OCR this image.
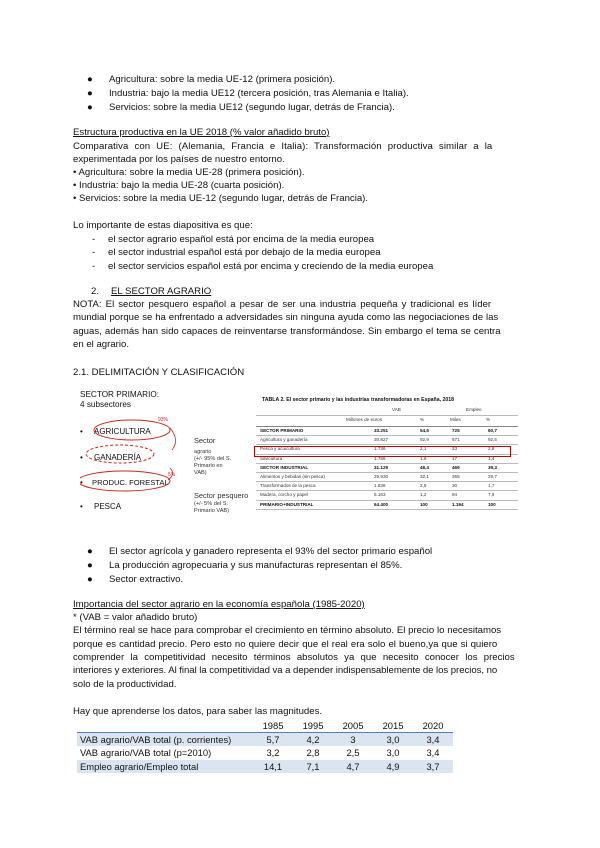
● Agricultura: sobre la media UE-12 (primera posición).
● Industria: bajo la media UE12 (tercera posición, tras Alemania e Italia).
● Servicios: sobre la media UE12 (segundo lugar, detrás de Francia).
Estructura productiva en la UE 2018 (% valor añadido bruto)
Comparativa con UE: (Alemania, Francia e Italia): Transformación productiva similar a la
experimentada por los países de nuestro entorno.
• Agricultura: sobre la media UE-28 (primera posición).
• Industria: bajo la media UE-28 (cuarta posición).
• Servicios: sobre la media UE-12 (segundo lugar, detrás de Francia).
Lo importante de estas diapositiva es que:
- el sector agrario español está por encima de la media europea
- el sector industrial español está por debajo de la media europea
- el sector servicios español está por encima y creciendo de la media europea
2. EL SECTOR AGRARIO
NOTA: El sector pesquero español a pesar de ser una industria pequeña y tradicional es líder
mundial porque se ha enfrentado a adversidades sin ninguna ayuda como las negociaciones de las
aguas, además han sido capaces de reinventarse transformándose. Sin embargo el tema se centra
en el agrario.
2.1. DELIMITACIÓN Y CLASIFICACIÓN
SECTOR PRIMARIO:
4 subsectores
• AGRICULTURA
• GANADERÍA
• PRODUC. FORESTAL
• PESCA
93%
5%
Sector
agrario
(+/- 95% del S.
Primario en
VAB)
Sector pesquero
(+/- 5% del S.
Primario VAB)
TABLA 2. El sector primario y las industrias transformadoras en España, 2018
VAB	Empleo
Millones de euros	%	Miles	%
SECTOR PRIMARIO	33.251	54,6	725	60,7
Agricultura y ganadería	30.827	92,9	671	92,5
Pesca y acuicultura	1.736	2,1	33	2,8
Silvicultura	1.786	1,6	17	1,4
SECTOR INDUSTRIAL	31.129	48,4	469	39,3
Alimentos y bebidas (sin pesca)	29.930	32,1	355	29,7
Transformados de la pesca	1.836	2,9	30	1,7
Madera, corcho y papel	5.163	1,2	94	7,9
PRIMARIO+INDUSTRIAL	64.400	100	1.194	100
● El sector agrícola y ganadero representa el 93% del sector primario español
● La producción agropecuaria y sus manufacturas representan el 85%.
● Sector extractivo.
Importancia del sector agrario en la economía española (1985-2020)
* (VAB = valor añadido bruto)
El término real se hace para comprobar el crecimiento en término absoluto. El precio lo necesitamos
porque es cantidad precio. Pero esto no quiere decir que el real era solo el bueno,ya que si quiero
comprender la competitividad necesito términos absolutos ya que necesito conocer los precios
interiores y exteriores. Al final la competitividad va a depender indispensablemente de los precios, no
solo de la productividad.
Hay que aprenderse los datos, para saber las magnitudes.
	1985	1995	2005	2015	2020
VAB agrario/VAB total (p. corrientes)	5,7	4,2	3	3,0	3,4
VAB agrario/VAB total (p=2010)	3,2	2,8	2,5	3,0	3,4
Empleo agrario/Empleo total	14,1	7,1	4,7	4,9	3,7
